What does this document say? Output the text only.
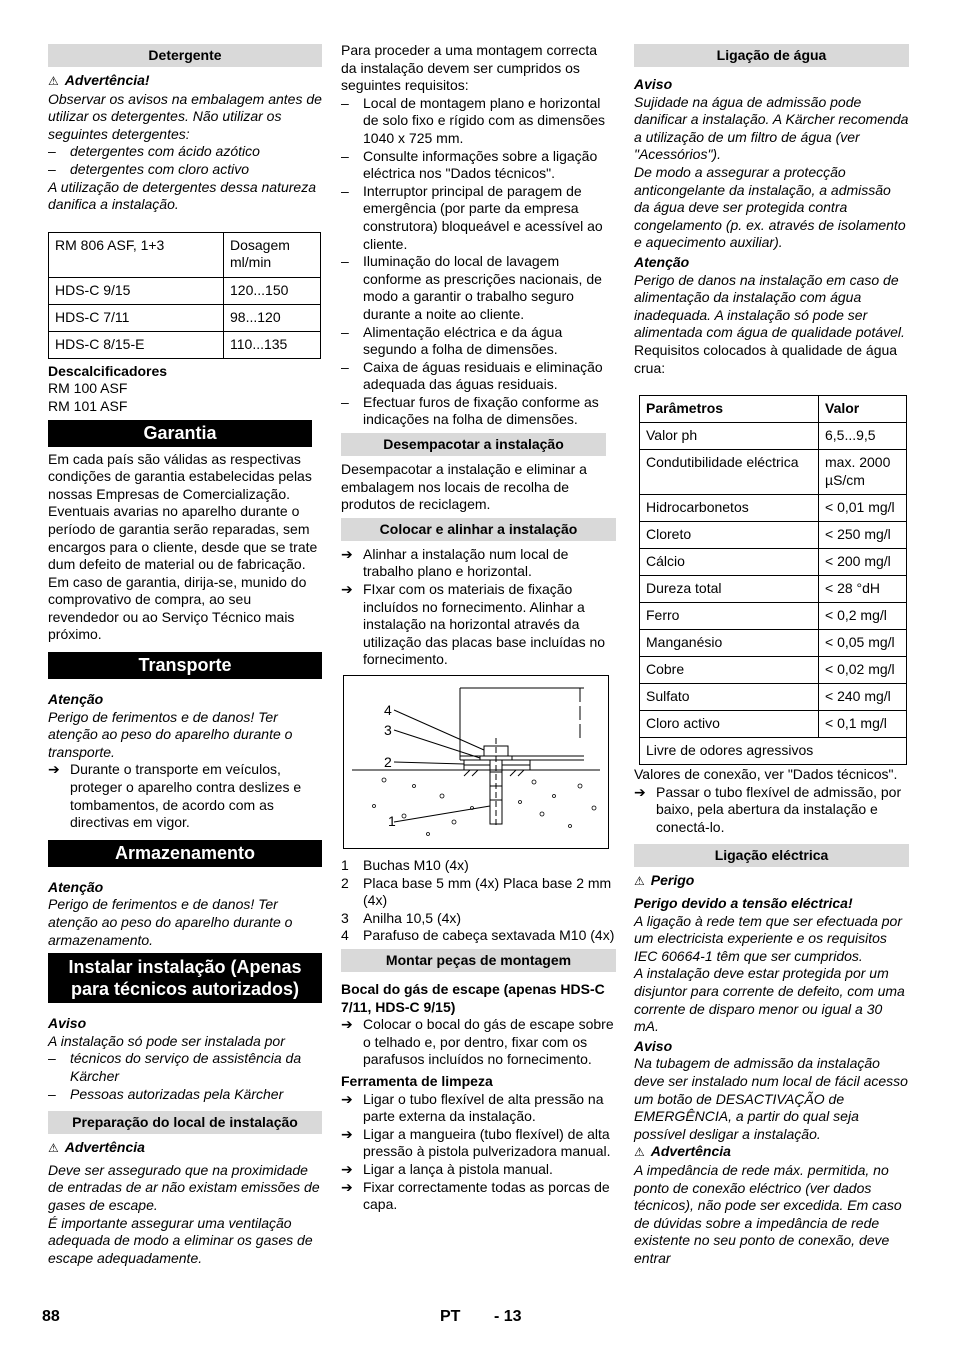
Detergente

⚠ Advertência!

Observar os avisos na embalagem antes de utilizar os detergentes. Não utilizar os seguintes detergentes:

– detergentes com ácido azótico

– detergentes com cloro activo

A utilização de detergentes dessa natureza danifica a instalação.

RM 806 ASF, 1+3	Dosagem ml/min
HDS-C 9/15	120...150
HDS-C 7/11	98...120
HDS-C 8/15-E	110...135

Descalcificadores

RM 100 ASF

RM 101 ASF

Garantia

Em cada país são válidas as respectivas condições de garantia estabelecidas pelas nossas Empresas de Comercialização. Eventuais avarias no aparelho durante o período de garantia serão reparadas, sem encargos para o cliente, desde que se trate dum defeito de material ou de fabricação. Em caso de garantia, dirija-se, munido do comprovativo de compra, ao seu revendedor ou ao Serviço Técnico mais próximo.

Transporte

Atenção

Perigo de ferimentos e de danos! Ter atenção ao peso do aparelho durante o transporte.

➔ Durante o transporte em veículos, proteger o aparelho contra deslizes e tombamentos, de acordo com as directivas em vigor.

Armazenamento

Atenção

Perigo de ferimentos e de danos! Ter atenção ao peso do aparelho durante o armazenamento.

Instalar instalação (Apenas
para técnicos autorizados)

Aviso

A instalação só pode ser instalada por

– técnicos do serviço de assistência da Kärcher

– Pessoas autorizadas pela Kärcher

Preparação do local de instalação

⚠ Advertência

Deve ser assegurado que na proximidade de entradas de ar não existam emissões de gases de escape.

É importante assegurar uma ventilação adequada de modo a eliminar os gases de escape adequadamente.

Para proceder a uma montagem correcta da instalação devem ser cumpridos os seguintes requisitos:

– Local de montagem plano e horizontal de solo fixo e rígido com as dimensões 1040 x 725 mm.

– Consulte informações sobre a ligação eléctrica nos "Dados técnicos".

– Interruptor principal de paragem de emergência (por parte da empresa construtora) bloqueável e acessível ao cliente.

– Iluminação do local de lavagem conforme as prescrições nacionais, de modo a garantir o trabalho seguro durante a noite ao cliente.

– Alimentação eléctrica e da água segundo a folha de dimensões.

– Caixa de águas residuais e eliminação adequada das águas residuais.

– Efectuar furos de fixação conforme as indicações na folha de dimensões.

Desempacotar a instalação

Desempacotar a instalação e eliminar a embalagem nos locais de recolha de produtos de reciclagem.

Colocar e alinhar a instalação

➔ Alinhar a instalação num local de trabalho plano e horizontal.

➔ FIxar com os materiais de fixação incluídos no fornecimento. Alinhar a instalação na horizontal através da utilização das placas base incluídas no fornecimento.

4
3
2
1

1 Buchas M10 (4x)

2 Placa base 5 mm (4x) Placa base 2 mm (4x)

3 Anilha 10,5 (4x)

4 Parafuso de cabeça sextavada M10 (4x)

Montar peças de montagem

Bocal do gás de escape (apenas HDS-C 7/11, HDS-C 9/15)

➔ Colocar o bocal do gás de escape sobre o telhado e, por dentro, fixar com os parafusos incluídos no fornecimento.

Ferramenta de limpeza

➔ Ligar o tubo flexível de alta pressão na parte externa da instalação.

➔ Ligar a mangueira (tubo flexível) de alta pressão à pistola pulverizadora manual.

➔ Ligar a lança à pistola manual.

➔ Fixar correctamente todas as porcas de capa.

Ligação de água

Aviso

Sujidade na água de admissão pode danificar a instalação. A Kärcher recomenda a utilização de um filtro de água (ver "Acessórios").

De modo a assegurar a protecção anticongelante da instalação, a admissão da água deve ser protegida contra congelamento (p. ex. através de isolamento e aquecimento auxiliar).

Atenção

Perigo de danos na instalação em caso de alimentação da instalação com água inadequada. A instalação só pode ser alimentada com água de qualidade potável.

Requisitos colocados à qualidade de água crua:

Parâmetros	Valor
Valor ph	6,5...9,5
Condutibilidade eléctrica	max. 2000 µS/cm
Hidrocarbonetos	< 0,01 mg/l
Cloreto	< 250 mg/l
Cálcio	< 200 mg/l
Dureza total	< 28 °dH
Ferro	< 0,2 mg/l
Manganésio	< 0,05 mg/l
Cobre	< 0,02 mg/l
Sulfato	< 240 mg/l
Cloro activo	< 0,1 mg/l
Livre de odores agressivos	

Valores de conexão, ver "Dados técnicos".

➔ Passar o tubo flexível de admissão, por baixo, pela abertura da instalação e conectá-lo.

Ligação eléctrica

⚠ Perigo

Perigo devido a tensão eléctrica!

A ligação à rede tem que ser efectuada por um electricista experiente e os requisitos IEC 60664-1 têm que ser cumpridos.

A instalação deve estar protegida por um disjuntor para corrente de defeito, com uma corrente de disparo menor ou igual a 30 mA.

Aviso

Na tubagem de admissão da instalação deve ser instalado num local de fácil acesso um botão de DESACTIVAÇÃO de EMERGÊNCIA, a partir do qual seja possível desligar a instalação.

⚠ Advertência

A impedância de rede máx. permitida, no ponto de conexão eléctrico (ver dados técnicos), não pode ser excedida. Em caso de dúvidas sobre a impedância de rede existente no seu ponto de conexão, deve entrar

88	PT - 13
